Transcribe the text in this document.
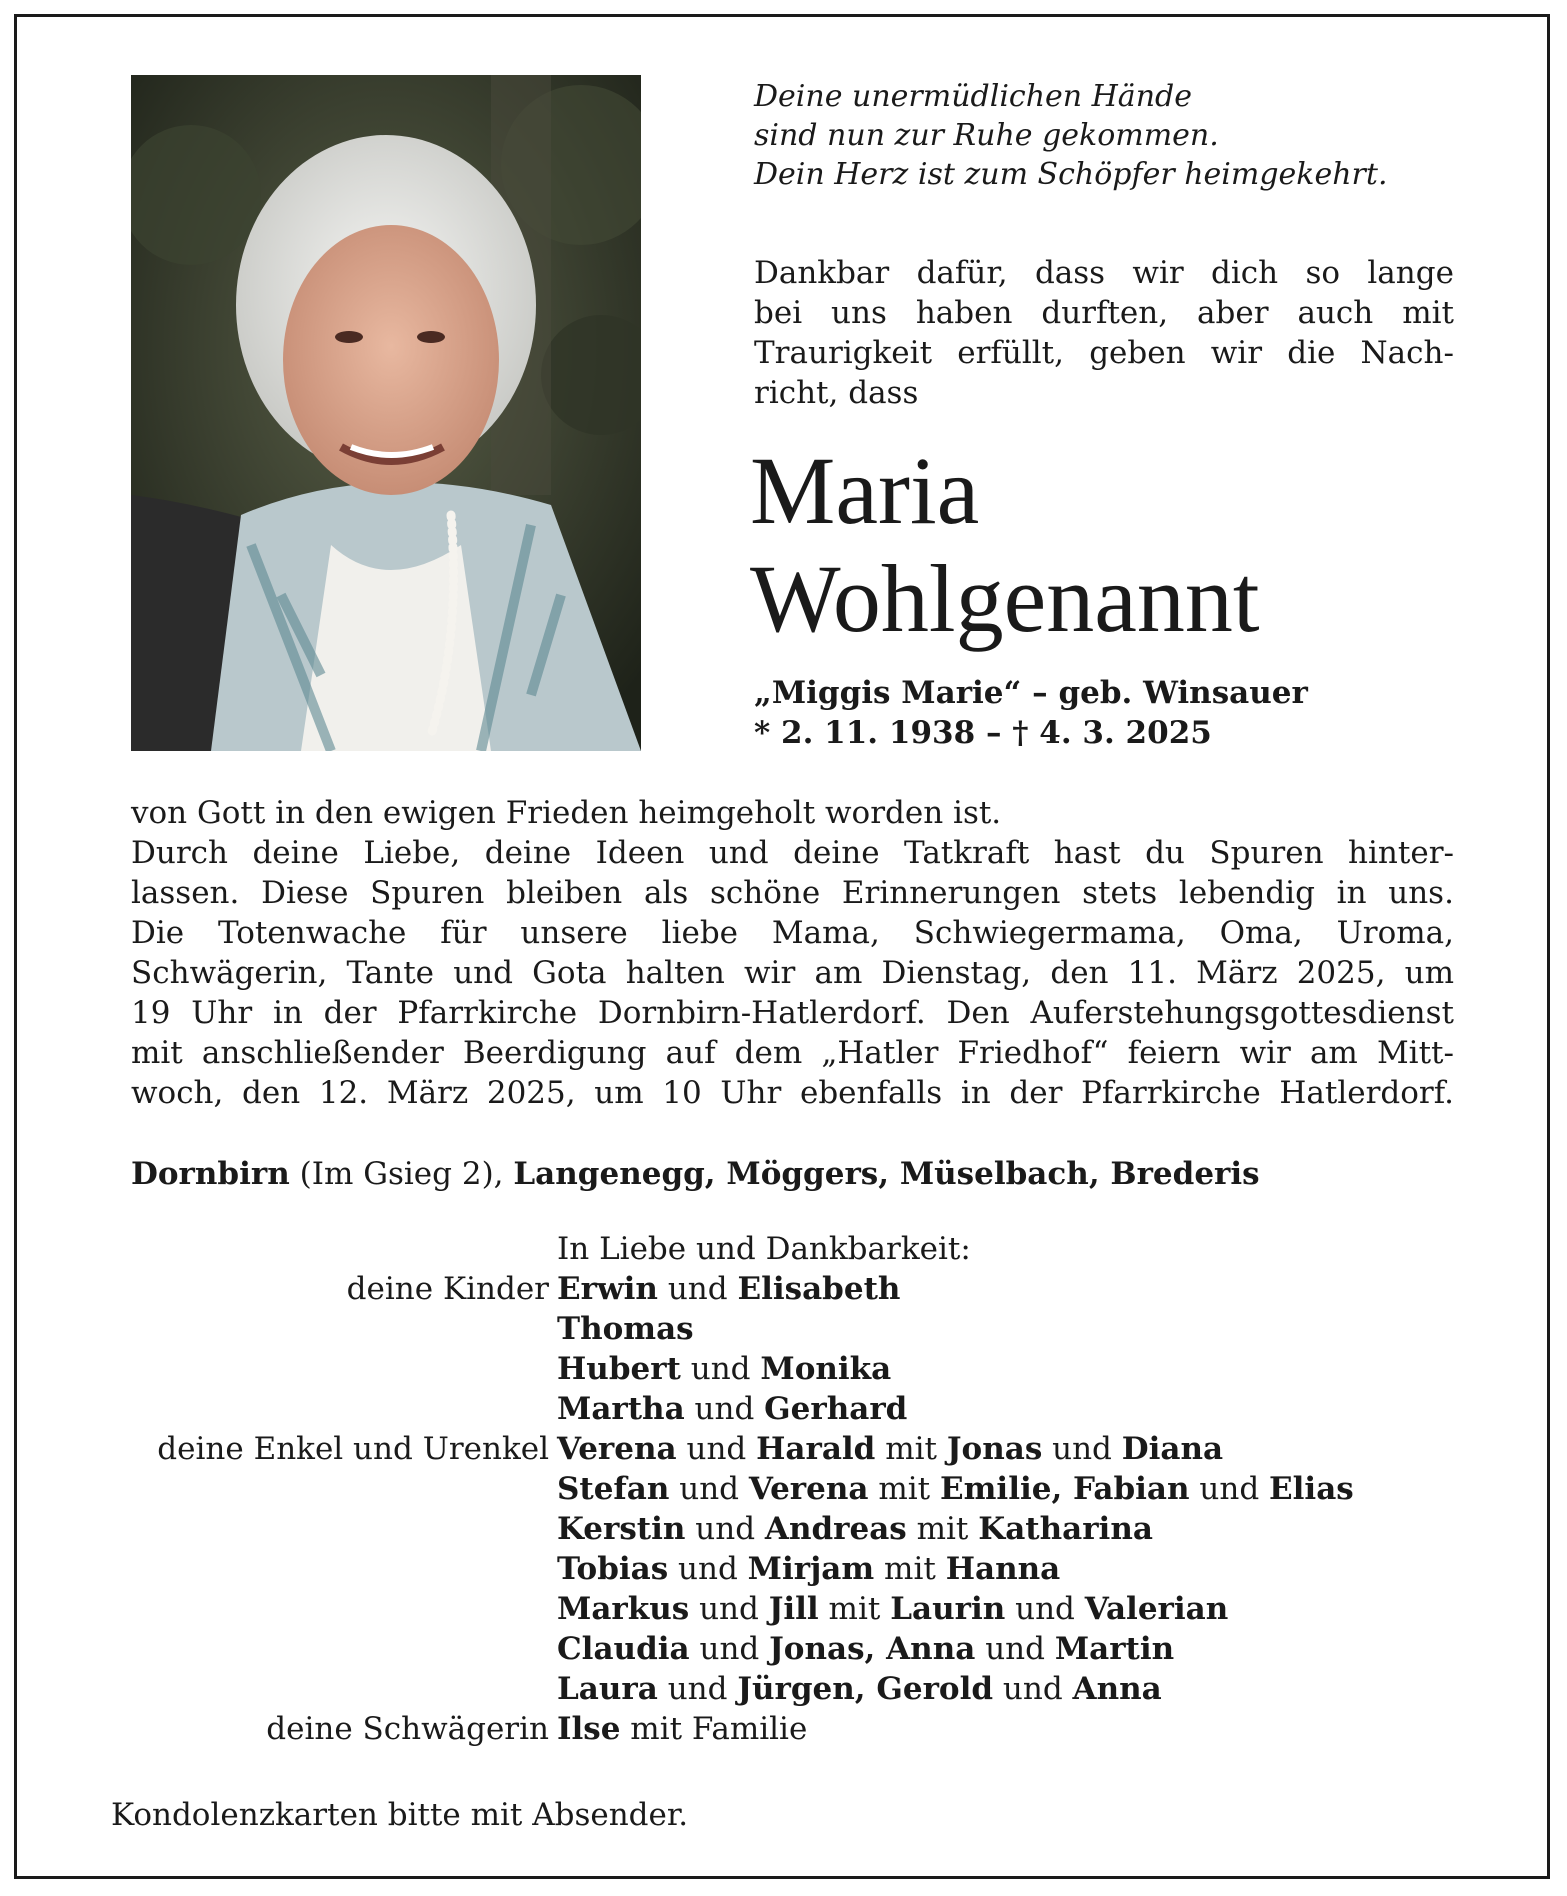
Deine unermüdlichen Hände
sind nun zur Ruhe gekommen.
Dein Herz ist zum Schöpfer heimgekehrt.
Dankbar dafür, dass wir dich so lange
bei uns haben durften, aber auch mit
Traurigkeit erfüllt, geben wir die Nach-
richt, dass
Maria
Wohlgenannt
„Miggis Marie“ – geb. Winsauer
* 2. 11. 1938 – † 4. 3. 2025
von Gott in den ewigen Frieden heimgeholt worden ist.
Durch deine Liebe, deine Ideen und deine Tatkraft hast du Spuren hinter-
lassen. Diese Spuren bleiben als schöne Erinnerungen stets lebendig in uns.
Die Totenwache für unsere liebe Mama, Schwiegermama, Oma, Uroma,
Schwägerin, Tante und Gota halten wir am Dienstag, den 11. März 2025, um
19 Uhr in der Pfarrkirche Dornbirn-Hatlerdorf. Den Auferstehungsgottesdienst
mit anschließender Beerdigung auf dem „Hatler Friedhof“ feiern wir am Mitt-
woch, den 12. März 2025, um 10 Uhr ebenfalls in der Pfarrkirche Hatlerdorf.
Dornbirn (Im Gsieg 2), Langenegg, Möggers, Müselbach, Brederis
In Liebe und Dankbarkeit:
deine Kinder Erwin und Elisabeth
Thomas
Hubert und Monika
Martha und Gerhard
deine Enkel und Urenkel Verena und Harald mit Jonas und Diana
Stefan und Verena mit Emilie, Fabian und Elias
Kerstin und Andreas mit Katharina
Tobias und Mirjam mit Hanna
Markus und Jill mit Laurin und Valerian
Claudia und Jonas, Anna und Martin
Laura und Jürgen, Gerold und Anna
deine Schwägerin Ilse mit Familie
Kondolenzkarten bitte mit Absender.
